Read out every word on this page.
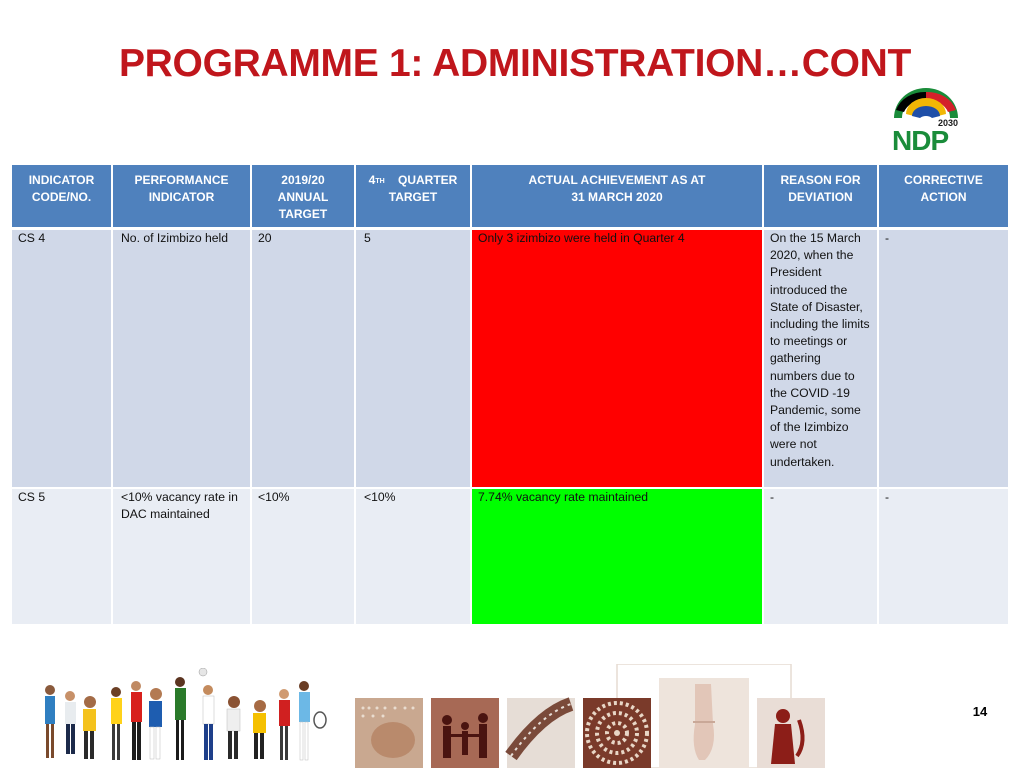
PROGRAMME 1: ADMINISTRATION…CONT
2030
NDP
INDICATOR CODE/NO.	PERFORMANCE INDICATOR	2019/20 ANNUAL TARGET	4TH QUARTER TARGET	ACTUAL ACHIEVEMENT AS AT
31 MARCH 2020	REASON FOR DEVIATION	CORRECTIVE ACTION
CS 4	No. of Izimbizo held	20	5	Only 3 izimbizo were held in Quarter 4	On the 15 March 2020, when the President introduced the State of Disaster, including the limits to meetings or gathering numbers due to the COVID -19 Pandemic, some of the Izimbizo were not undertaken.	-
CS 5	<10% vacancy rate in DAC maintained	<10%	<10%	7.74% vacancy rate maintained	-	-
14
